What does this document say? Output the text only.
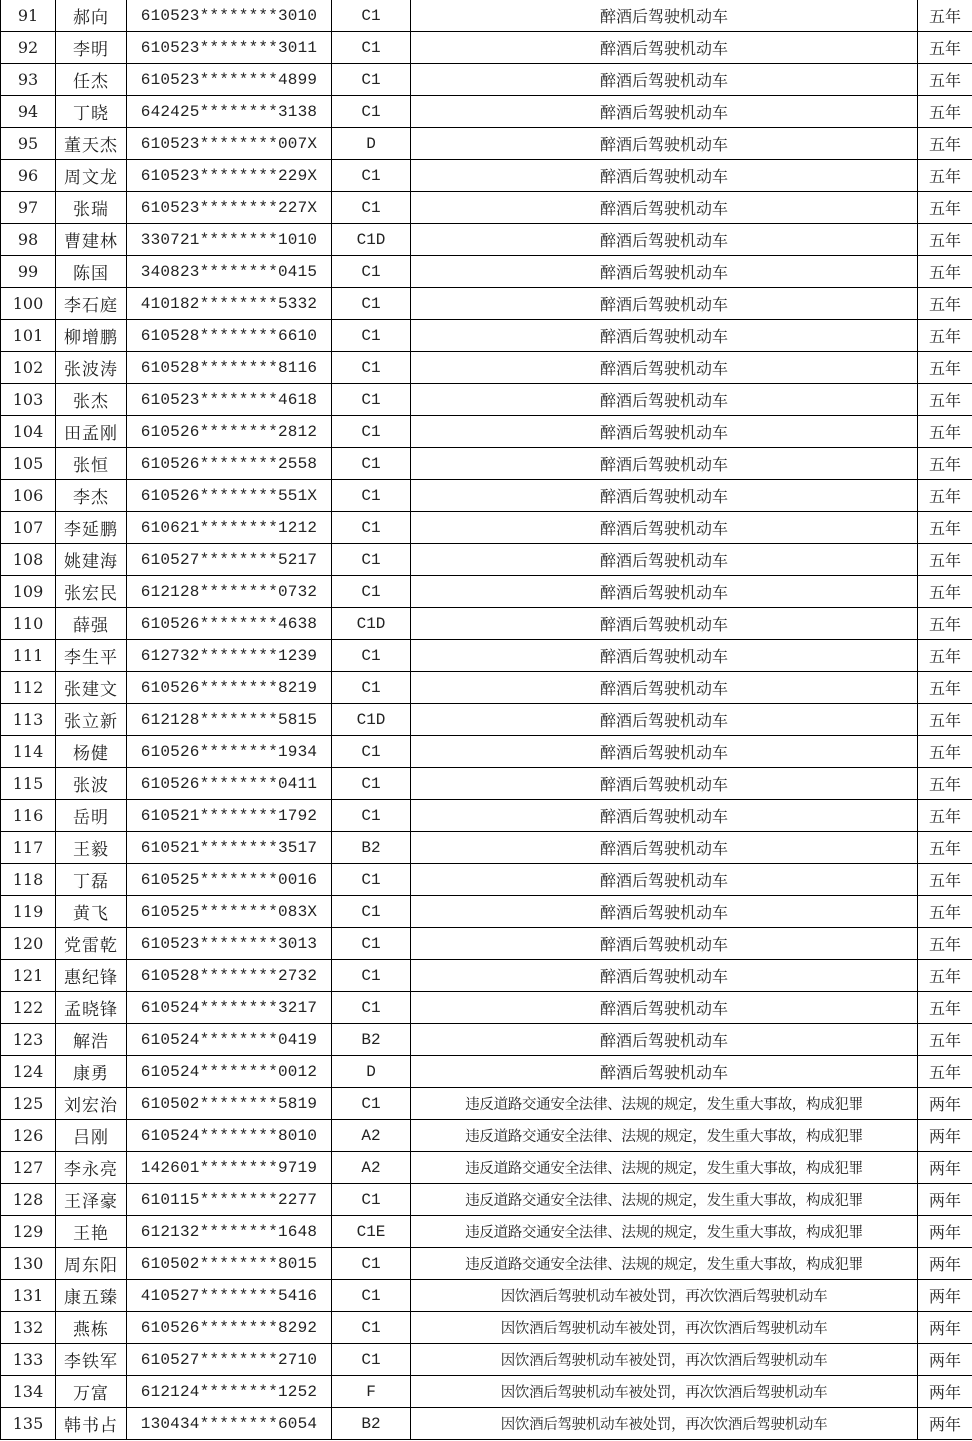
91	郝向	610523********3010	C1	醉酒后驾驶机动车	五年
92	李明	610523********3011	C1	醉酒后驾驶机动车	五年
93	任杰	610523********4899	C1	醉酒后驾驶机动车	五年
94	丁晓	642425********3138	C1	醉酒后驾驶机动车	五年
95	董天杰	610523********007X	D	醉酒后驾驶机动车	五年
96	周文龙	610523********229X	C1	醉酒后驾驶机动车	五年
97	张瑞	610523********227X	C1	醉酒后驾驶机动车	五年
98	曹建林	330721********1010	C1D	醉酒后驾驶机动车	五年
99	陈国	340823********0415	C1	醉酒后驾驶机动车	五年
100	李石庭	410182********5332	C1	醉酒后驾驶机动车	五年
101	柳增鹏	610528********6610	C1	醉酒后驾驶机动车	五年
102	张波涛	610528********8116	C1	醉酒后驾驶机动车	五年
103	张杰	610523********4618	C1	醉酒后驾驶机动车	五年
104	田孟刚	610526********2812	C1	醉酒后驾驶机动车	五年
105	张恒	610526********2558	C1	醉酒后驾驶机动车	五年
106	李杰	610526********551X	C1	醉酒后驾驶机动车	五年
107	李延鹏	610621********1212	C1	醉酒后驾驶机动车	五年
108	姚建海	610527********5217	C1	醉酒后驾驶机动车	五年
109	张宏民	612128********0732	C1	醉酒后驾驶机动车	五年
110	薛强	610526********4638	C1D	醉酒后驾驶机动车	五年
111	李生平	612732********1239	C1	醉酒后驾驶机动车	五年
112	张建文	610526********8219	C1	醉酒后驾驶机动车	五年
113	张立新	612128********5815	C1D	醉酒后驾驶机动车	五年
114	杨健	610526********1934	C1	醉酒后驾驶机动车	五年
115	张波	610526********0411	C1	醉酒后驾驶机动车	五年
116	岳明	610521********1792	C1	醉酒后驾驶机动车	五年
117	王毅	610521********3517	B2	醉酒后驾驶机动车	五年
118	丁磊	610525********0016	C1	醉酒后驾驶机动车	五年
119	黄飞	610525********083X	C1	醉酒后驾驶机动车	五年
120	党雷乾	610523********3013	C1	醉酒后驾驶机动车	五年
121	惠纪锋	610528********2732	C1	醉酒后驾驶机动车	五年
122	孟晓锋	610524********3217	C1	醉酒后驾驶机动车	五年
123	解浩	610524********0419	B2	醉酒后驾驶机动车	五年
124	康勇	610524********0012	D	醉酒后驾驶机动车	五年
125	刘宏治	610502********5819	C1	违反道路交通安全法律、法规的规定，发生重大事故，构成犯罪	两年
126	吕刚	610524********8010	A2	违反道路交通安全法律、法规的规定，发生重大事故，构成犯罪	两年
127	李永亮	142601********9719	A2	违反道路交通安全法律、法规的规定，发生重大事故，构成犯罪	两年
128	王泽豪	610115********2277	C1	违反道路交通安全法律、法规的规定，发生重大事故，构成犯罪	两年
129	王艳	612132********1648	C1E	违反道路交通安全法律、法规的规定，发生重大事故，构成犯罪	两年
130	周东阳	610502********8015	C1	违反道路交通安全法律、法规的规定，发生重大事故，构成犯罪	两年
131	康五臻	410527********5416	C1	因饮酒后驾驶机动车被处罚，再次饮酒后驾驶机动车	两年
132	燕栋	610526********8292	C1	因饮酒后驾驶机动车被处罚，再次饮酒后驾驶机动车	两年
133	李铁军	610527********2710	C1	因饮酒后驾驶机动车被处罚，再次饮酒后驾驶机动车	两年
134	万富	612124********1252	F	因饮酒后驾驶机动车被处罚，再次饮酒后驾驶机动车	两年
135	韩书占	130434********6054	B2	因饮酒后驾驶机动车被处罚，再次饮酒后驾驶机动车	两年
